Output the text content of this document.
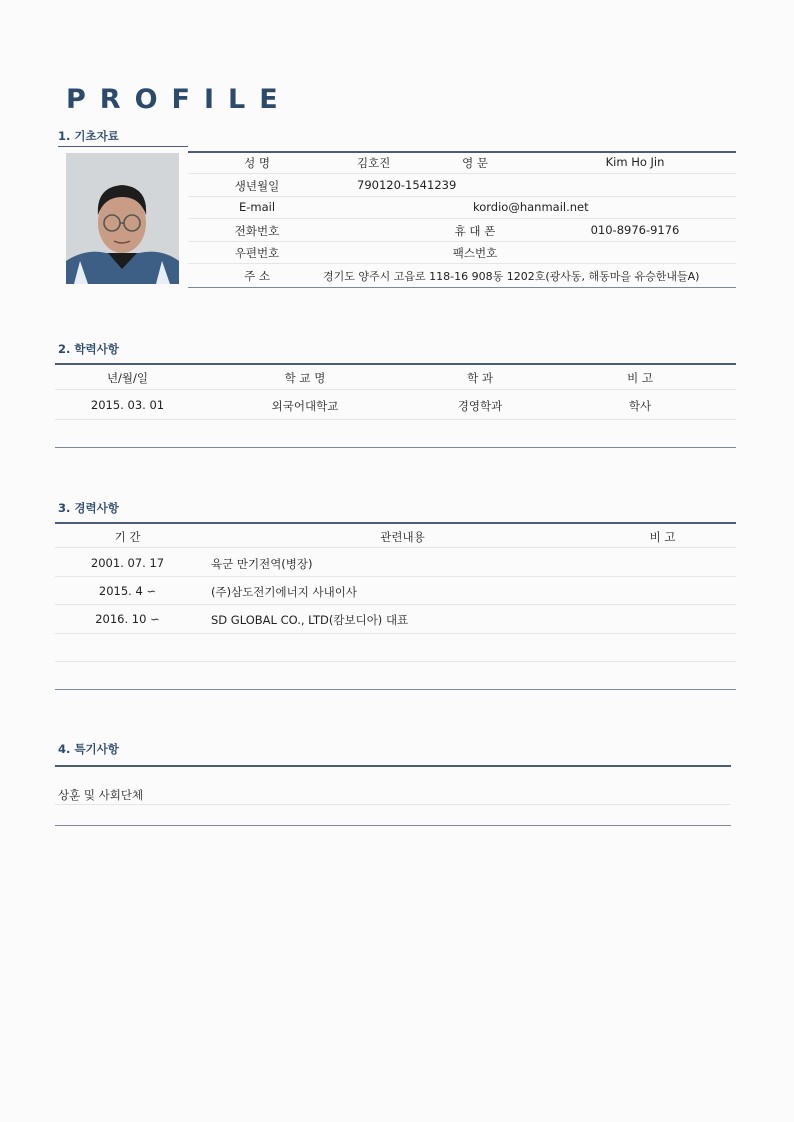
PROFILE
1. 기초자료
성 명	김호진	영 문	Kim Ho Jin
생년월일	790120-1541239
E-mail	kordio@hanmail.net
전화번호	휴 대 폰	010-8976-9176
우편번호	팩스번호
주 소	경기도 양주시 고읍로 118-16 908동 1202호(광사동, 해동마을 유승한내들A)
2. 학력사항
년/월/일	학 교 명	학 과	비 고
2015. 03. 01	외국어대학교	경영학과	학사
3. 경력사항
기 간	관련내용	비 고
2001. 07. 17	육군 만기전역(병장)
2015. 4 ∽	(주)삼도전기에너지 사내이사
2016. 10 ∽	SD GLOBAL CO., LTD(캄보디아) 대표
4. 특기사항
상훈 및 사회단체
